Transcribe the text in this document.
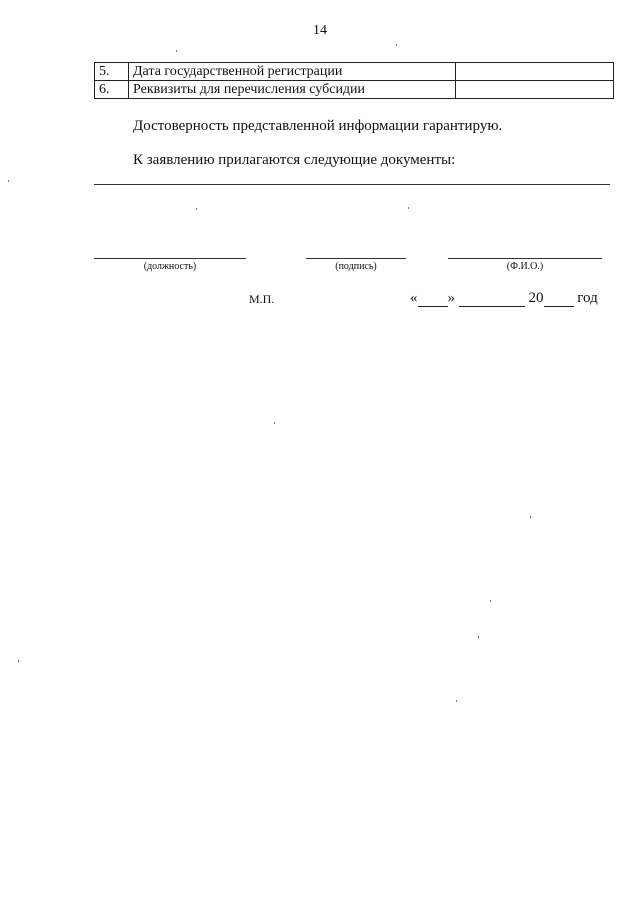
14
5.	Дата государственной регистрации	
6.	Реквизиты для перечисления субсидии	
Достоверность представленной информации гарантирую.
К заявлению прилагаются следующие документы:
(должность)	(подпись)	(Ф.И.О.)
М.П.	« »	20 год
